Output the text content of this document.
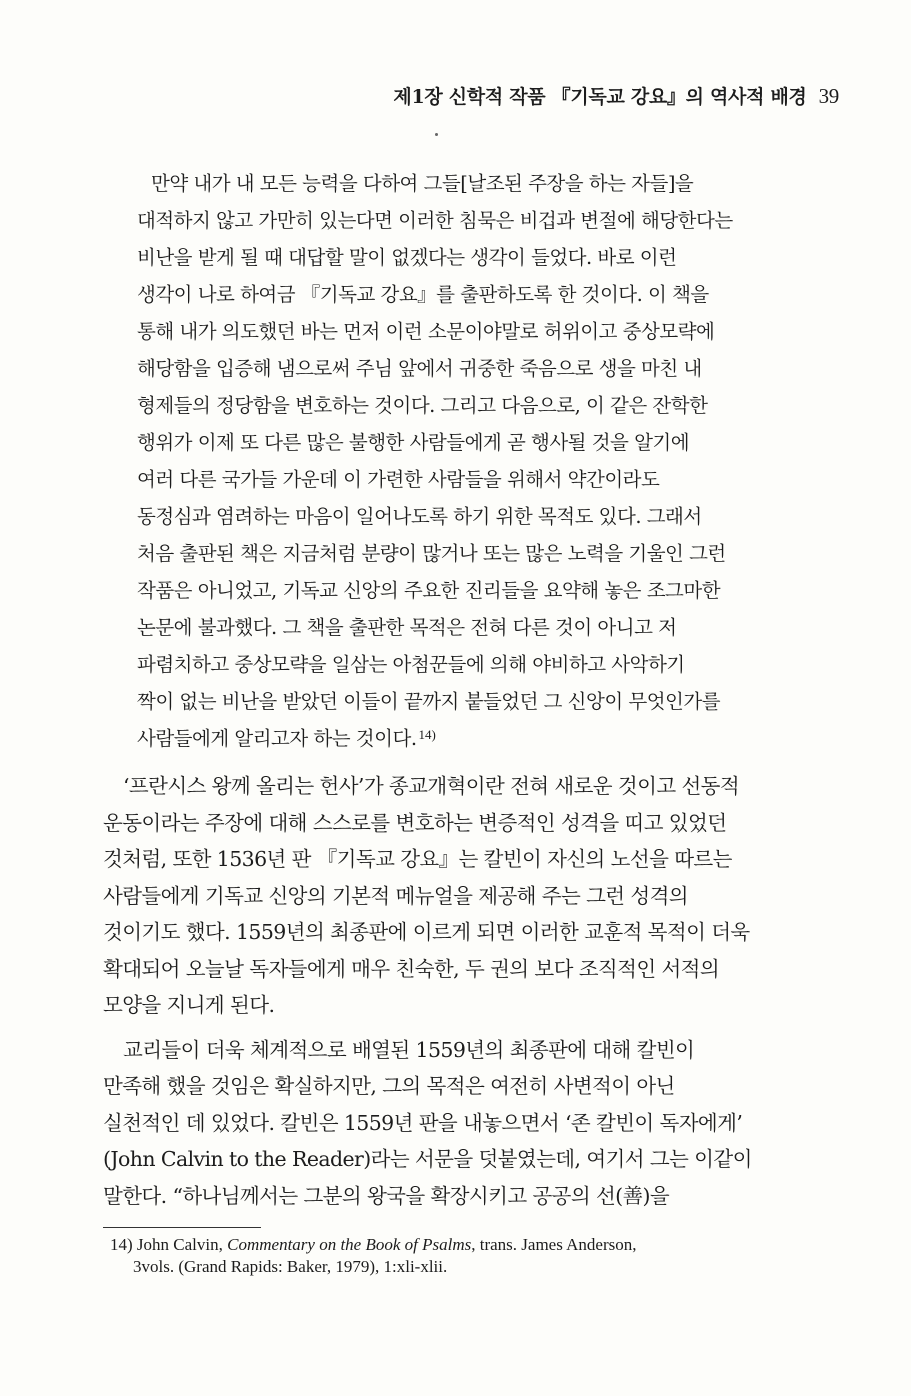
제1장 신학적 작품 『기독교 강요』의 역사적 배경 39
만약 내가 내 모든 능력을 다하여 그들[날조된 주장을 하는 자들]을
대적하지 않고 가만히 있는다면 이러한 침묵은 비겁과 변절에 해당한다는
비난을 받게 될 때 대답할 말이 없겠다는 생각이 들었다. 바로 이런
생각이 나로 하여금 『기독교 강요』를 출판하도록 한 것이다. 이 책을
통해 내가 의도했던 바는 먼저 이런 소문이야말로 허위이고 중상모략에
해당함을 입증해 냄으로써 주님 앞에서 귀중한 죽음으로 생을 마친 내
형제들의 정당함을 변호하는 것이다. 그리고 다음으로, 이 같은 잔학한
행위가 이제 또 다른 많은 불행한 사람들에게 곧 행사될 것을 알기에
여러 다른 국가들 가운데 이 가련한 사람들을 위해서 약간이라도
동정심과 염려하는 마음이 일어나도록 하기 위한 목적도 있다. 그래서
처음 출판된 책은 지금처럼 분량이 많거나 또는 많은 노력을 기울인 그런
작품은 아니었고, 기독교 신앙의 주요한 진리들을 요약해 놓은 조그마한
논문에 불과했다. 그 책을 출판한 목적은 전혀 다른 것이 아니고 저
파렴치하고 중상모략을 일삼는 아첨꾼들에 의해 야비하고 사악하기
짝이 없는 비난을 받았던 이들이 끝까지 붙들었던 그 신앙이 무엇인가를
사람들에게 알리고자 하는 것이다. $^{14)}$
‘프란시스 왕께 올리는 헌사’가 종교개혁이란 전혀 새로운 것이고 선동적
운동이라는 주장에 대해 스스로를 변호하는 변증적인 성격을 띠고 있었던
것처럼, 또한 1536년 판 『기독교 강요』는 칼빈이 자신의 노선을 따르는
사람들에게 기독교 신앙의 기본적 메뉴얼을 제공해 주는 그런 성격의
것이기도 했다. 1559년의 최종판에 이르게 되면 이러한 교훈적 목적이 더욱
확대되어 오늘날 독자들에게 매우 친숙한, 두 권의 보다 조직적인 서적의
모양을 지니게 된다.
교리들이 더욱 체계적으로 배열된 1559년의 최종판에 대해 칼빈이
만족해 했을 것임은 확실하지만, 그의 목적은 여전히 사변적이 아닌
실천적인 데 있었다. 칼빈은 1559년 판을 내놓으면서 ‘존 칼빈이 독자에게’
(John Calvin to the Reader)라는 서문을 덧붙였는데, 여기서 그는 이같이
말한다. “하나님께서는 그분의 왕국을 확장시키고 공공의 선(善)을
14) John Calvin, Commentary on the Book of Psalms, trans. James Anderson,
3vols. (Grand Rapids: Baker, 1979), 1:xli-xlii.
